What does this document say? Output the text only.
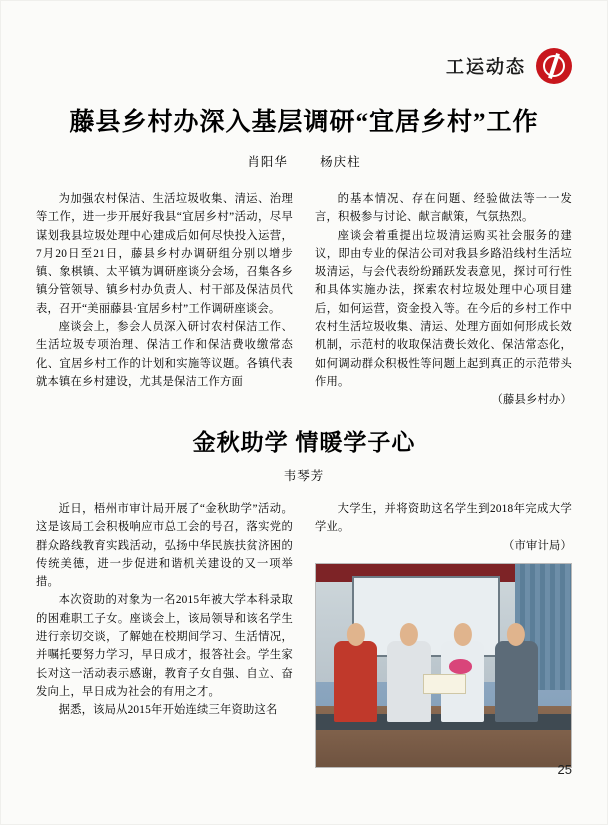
工运动态
藤县乡村办深入基层调研“宜居乡村”工作
肖阳华	杨庆柱

为加强农村保洁、生活垃圾收集、清运、治理等工作，进一步开展好我县“宜居乡村”活动，尽早谋划我县垃圾处理中心建成后如何尽快投入运营，7月20日至21日，藤县乡村办调研组分别以增步镇、象棋镇、太平镇为调研座谈分会场，召集各乡镇分管领导、镇乡村办负责人、村干部及保洁员代表，召开“美丽藤县·宜居乡村”工作调研座谈会。

座谈会上，参会人员深入研讨农村保洁工作、生活垃圾专项治理、保洁工作和保洁费收缴常态化、宜居乡村工作的计划和实施等议题。各镇代表就本镇在乡村建设，尤其是保洁工作方面

的基本情况、存在问题、经验做法等一一发言，积极参与讨论、献言献策，气氛热烈。

座谈会着重提出垃圾清运购买社会服务的建议，即由专业的保洁公司对我县乡路沿线村生活垃圾清运，与会代表纷纷踊跃发表意见，探讨可行性和具体实施办法，探索农村垃圾处理中心项目建后，如何运营，资金投入等。在今后的乡村工作中农村生活垃圾收集、清运、处理方面如何形成长效机制，示范村的收取保洁费长效化、保洁常态化，如何调动群众积极性等问题上起到真正的示范带头作用。

（藤县乡村办）

金秋助学 情暖学子心
韦琴芳

近日，梧州市审计局开展了“金秋助学”活动。这是该局工会积极响应市总工会的号召，落实党的群众路线教育实践活动，弘扬中华民族扶贫济困的传统美德，进一步促进和谐机关建设的又一项举措。

本次资助的对象为一名2015年被大学本科录取的困难职工子女。座谈会上，该局领导和该名学生进行亲切交谈，了解她在校期间学习、生活情况，并嘱托要努力学习，早日成才，报答社会。学生家长对这一活动表示感谢，教育子女自强、自立、奋发向上，早日成为社会的有用之才。

据悉，该局从2015年开始连续三年资助这名

大学生，并将资助这名学生到2018年完成大学学业。

（市审计局）

25
